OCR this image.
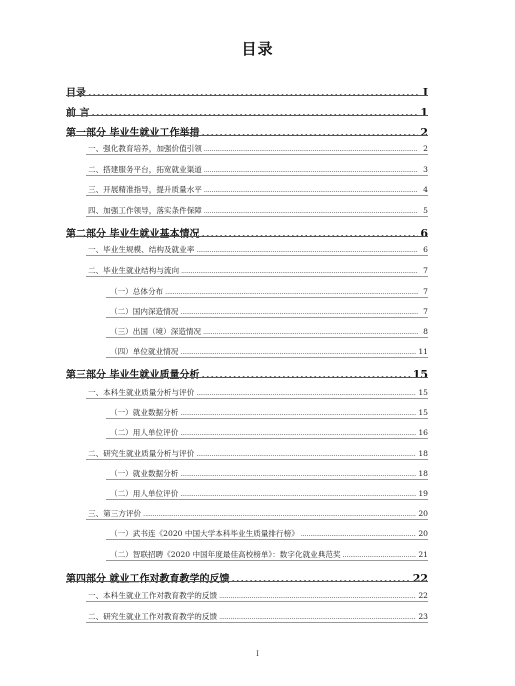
目录
目录 .....	I
前 言 .....	1
第一部分 毕业生就业工作举措 .....	2
一、强化教育培养，加强价值引领 .....	2
二、搭建服务平台，拓宽就业渠道 .....	3
三、开展精准指导，提升质量水平 .....	4
四、加强工作领导，落实条件保障 .....	5
第二部分 毕业生就业基本情况 .....	6
一、毕业生规模、结构及就业率 .....	6
二、毕业生就业结构与流向 .....	7
（一）总体分布 .....	7
（二）国内深造情况 .....	7
（三）出国（境）深造情况 .....	8
（四）单位就业情况 .....	11
第三部分 毕业生就业质量分析 .....	15
一、本科生就业质量分析与评价 .....	15
（一）就业数据分析 .....	15
（二）用人单位评价 .....	16
二、研究生就业质量分析与评价 .....	18
（一）就业数据分析 .....	18
（二）用人单位评价 .....	19
三、第三方评价 .....	20
（一）武书连《2020 中国大学本科毕业生质量排行榜》 .....	20
（二）智联招聘《2020 中国年度最佳高校榜单》：数字化就业典范奖 .....	21
第四部分 就业工作对教育教学的反馈 .....	22
一、本科生就业工作对教育教学的反馈 .....	22
二、研究生就业工作对教育教学的反馈 .....	23
I
